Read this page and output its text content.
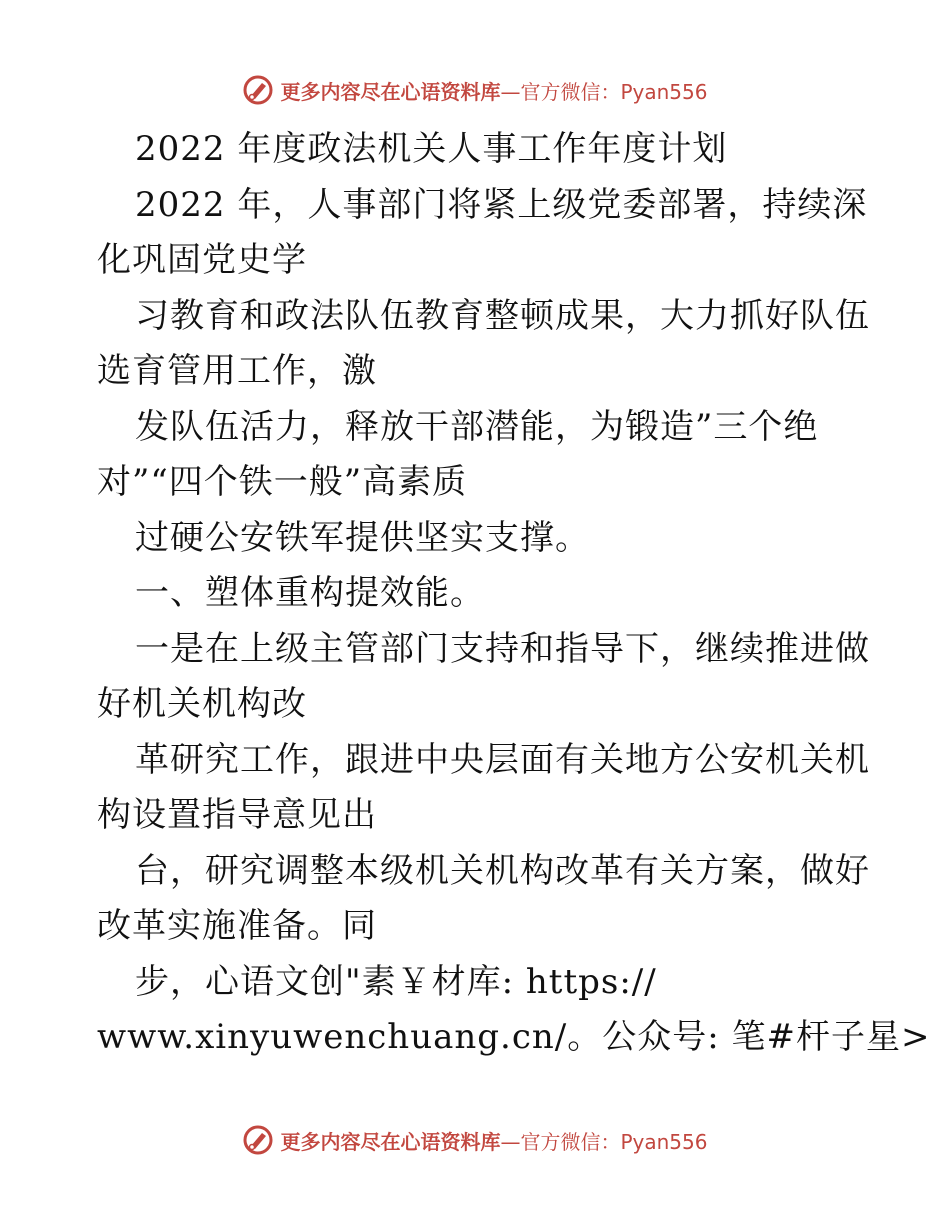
更多内容尽在心语资料库—官方微信：Pyan556
2022 年度政法机关人事工作年度计划
2022 年，人事部门将紧上级党委部署，持续深
化巩固党史学
习教育和政法队伍教育整顿成果，大力抓好队伍
选育管用工作，激
发队伍活力，释放干部潜能，为锻造”三个绝
对”“四个铁一般”高素质
过硬公安铁军提供坚实支撑。
一、塑体重构提效能。
一是在上级主管部门支持和指导下，继续推进做
好机关机构改
革研究工作，跟进中央层面有关地方公安机关机
构设置指导意见出
台，研究调整本级机关机构改革有关方案，做好
改革实施准备。同
步，心语文创"素￥材库: https://
www.xinyuwenchuang.cn/。公众号: 笔#杆子星>
更多内容尽在心语资料库—官方微信：Pyan556
